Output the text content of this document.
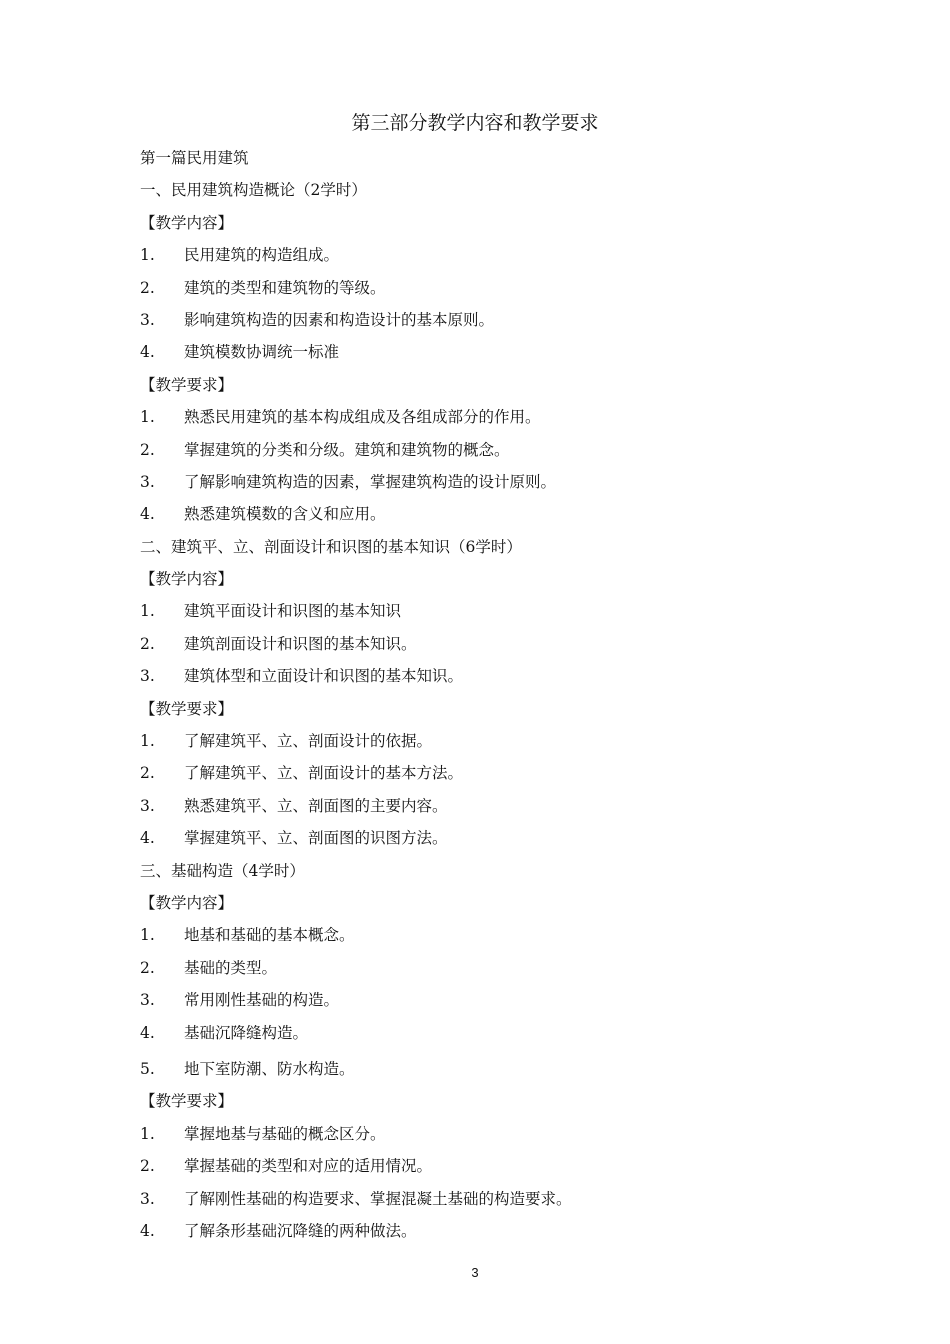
第三部分教学内容和教学要求
第一篇民用建筑
一、民用建筑构造概论（2学时）
【教学内容】
1. 民用建筑的构造组成。
2. 建筑的类型和建筑物的等级。
3. 影响建筑构造的因素和构造设计的基本原则。
4. 建筑模数协调统一标准
【教学要求】
1. 熟悉民用建筑的基本构成组成及各组成部分的作用。
2. 掌握建筑的分类和分级。建筑和建筑物的概念。
3. 了解影响建筑构造的因素，掌握建筑构造的设计原则。
4. 熟悉建筑模数的含义和应用。
二、建筑平、立、剖面设计和识图的基本知识（6学时）
【教学内容】
1. 建筑平面设计和识图的基本知识
2. 建筑剖面设计和识图的基本知识。
3. 建筑体型和立面设计和识图的基本知识。
【教学要求】
1. 了解建筑平、立、剖面设计的依据。
2. 了解建筑平、立、剖面设计的基本方法。
3. 熟悉建筑平、立、剖面图的主要内容。
4. 掌握建筑平、立、剖面图的识图方法。
三、基础构造（4学时）
【教学内容】
1. 地基和基础的基本概念。
2. 基础的类型。
3. 常用刚性基础的构造。
4. 基础沉降缝构造。
5. 地下室防潮、防水构造。
【教学要求】
1. 掌握地基与基础的概念区分。
2. 掌握基础的类型和对应的适用情况。
3. 了解刚性基础的构造要求、掌握混凝土基础的构造要求。
4. 了解条形基础沉降缝的两种做法。
3
